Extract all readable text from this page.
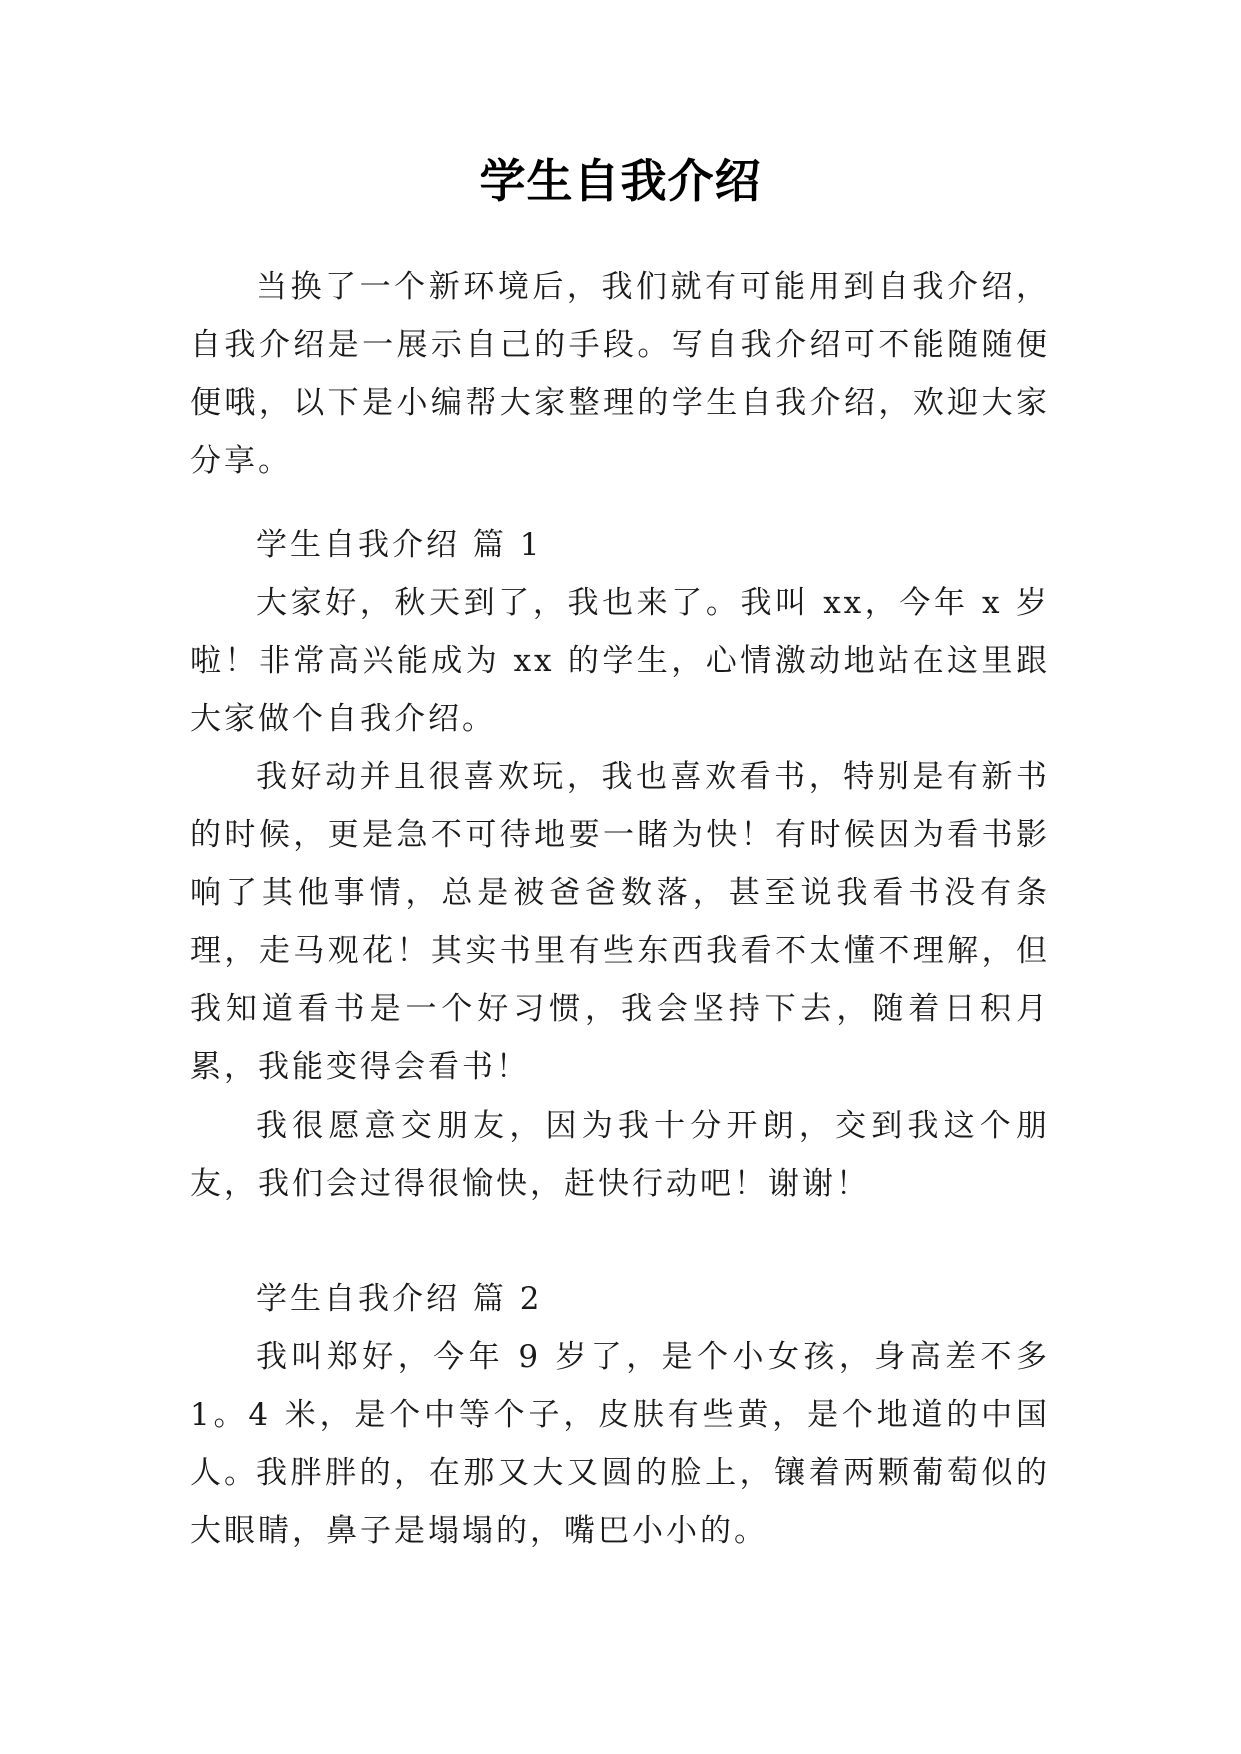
学生自我介绍

当换了一个新环境后，我们就有可能用到自我介绍，自我介绍是一展示自己的手段。写自我介绍可不能随随便便哦，以下是小编帮大家整理的学生自我介绍，欢迎大家分享。

学生自我介绍 篇 1

大家好，秋天到了，我也来了。我叫 xx，今年 x 岁啦！非常高兴能成为 xx 的学生，心情激动地站在这里跟大家做个自我介绍。

我好动并且很喜欢玩，我也喜欢看书，特别是有新书的时候，更是急不可待地要一睹为快！有时候因为看书影响了其他事情，总是被爸爸数落，甚至说我看书没有条理，走马观花！其实书里有些东西我看不太懂不理解，但我知道看书是一个好习惯，我会坚持下去，随着日积月累，我能变得会看书！

我很愿意交朋友，因为我十分开朗，交到我这个朋友，我们会过得很愉快，赶快行动吧！谢谢！

学生自我介绍 篇 2

我叫郑好，今年 9 岁了，是个小女孩，身高差不多 1。4 米，是个中等个子，皮肤有些黄，是个地道的中国人。

我胖胖的，在那又大又圆的脸上，镶着两颗葡萄似的大眼睛，鼻子是塌塌的，嘴巴小小的。
